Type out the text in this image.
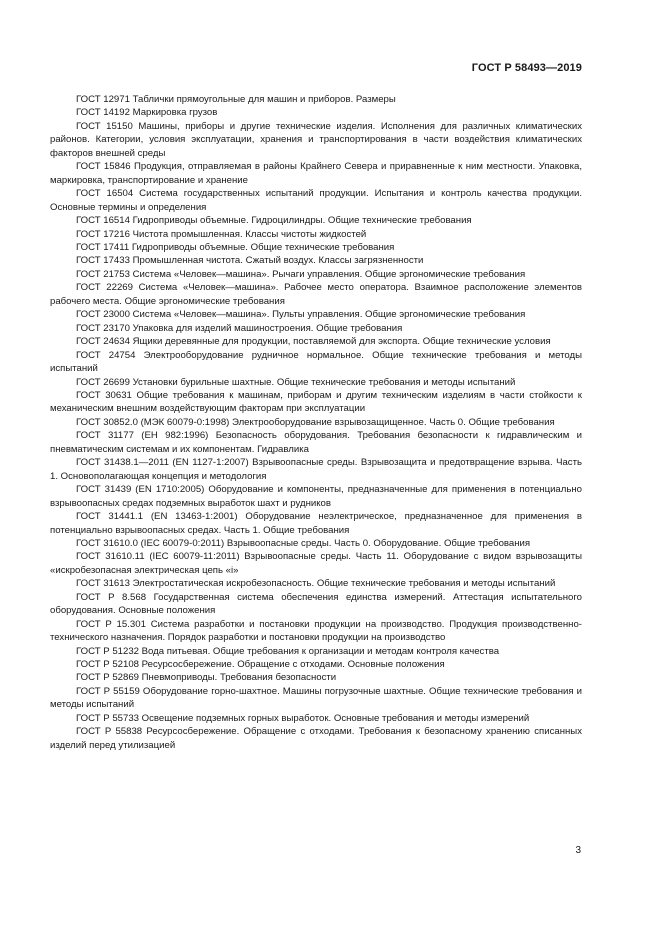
ГОСТ Р 58493—2019

ГОСТ 12971 Таблички прямоугольные для машин и приборов. Размеры

ГОСТ 14192 Маркировка грузов

ГОСТ 15150 Машины, приборы и другие технические изделия. Исполнения для различных климатических районов. Категории, условия эксплуатации, хранения и транспортирования в части воздействия климатических факторов внешней среды

ГОСТ 15846 Продукция, отправляемая в районы Крайнего Севера и приравненные к ним местности. Упаковка, маркировка, транспортирование и хранение

ГОСТ 16504 Система государственных испытаний продукции. Испытания и контроль качества продукции. Основные термины и определения

ГОСТ 16514 Гидроприводы объемные. Гидроцилиндры. Общие технические требования

ГОСТ 17216 Чистота промышленная. Классы чистоты жидкостей

ГОСТ 17411 Гидроприводы объемные. Общие технические требования

ГОСТ 17433 Промышленная чистота. Сжатый воздух. Классы загрязненности

ГОСТ 21753 Система «Человек—машина». Рычаги управления. Общие эргономические требования

ГОСТ 22269 Система «Человек—машина». Рабочее место оператора. Взаимное расположение элементов рабочего места. Общие эргономические требования

ГОСТ 23000 Система «Человек—машина». Пульты управления. Общие эргономические требования

ГОСТ 23170 Упаковка для изделий машиностроения. Общие требования

ГОСТ 24634 Ящики деревянные для продукции, поставляемой для экспорта. Общие технические условия

ГОСТ 24754 Электрооборудование рудничное нормальное. Общие технические требования и методы испытаний

ГОСТ 26699 Установки бурильные шахтные. Общие технические требования и методы испытаний

ГОСТ 30631 Общие требования к машинам, приборам и другим техническим изделиям в части стойкости к механическим внешним воздействующим факторам при эксплуатации

ГОСТ 30852.0 (МЭК 60079-0:1998) Электрооборудование взрывозащищенное. Часть 0. Общие требования

ГОСТ 31177 (ЕН 982:1996) Безопасность оборудования. Требования безопасности к гидравлическим и пневматическим системам и их компонентам. Гидравлика

ГОСТ 31438.1—2011 (EN 1127-1:2007) Взрывоопасные среды. Взрывозащита и предотвращение взрыва. Часть 1. Основополагающая концепция и методология

ГОСТ 31439 (EN 1710:2005) Оборудование и компоненты, предназначенные для применения в потенциально взрывоопасных средах подземных выработок шахт и рудников

ГОСТ 31441.1 (EN 13463-1:2001) Оборудование неэлектрическое, предназначенное для применения в потенциально взрывоопасных средах. Часть 1. Общие требования

ГОСТ 31610.0 (IEC 60079-0:2011) Взрывоопасные среды. Часть 0. Оборудование. Общие требования

ГОСТ 31610.11 (IEC 60079-11:2011) Взрывоопасные среды. Часть 11. Оборудование с видом взрывозащиты «искробезопасная электрическая цепь «i»

ГОСТ 31613 Электростатическая искробезопасность. Общие технические требования и методы испытаний

ГОСТ Р 8.568 Государственная система обеспечения единства измерений. Аттестация испытательного оборудования. Основные положения

ГОСТ Р 15.301 Система разработки и постановки продукции на производство. Продукция производственно-технического назначения. Порядок разработки и постановки продукции на производство

ГОСТ Р 51232 Вода питьевая. Общие требования к организации и методам контроля качества

ГОСТ Р 52108 Ресурсосбережение. Обращение с отходами. Основные положения

ГОСТ Р 52869 Пневмоприводы. Требования безопасности

ГОСТ Р 55159 Оборудование горно-шахтное. Машины погрузочные шахтные. Общие технические требования и методы испытаний

ГОСТ Р 55733 Освещение подземных горных выработок. Основные требования и методы измерений

ГОСТ Р 55838 Ресурсосбережение. Обращение с отходами. Требования к безопасному хранению списанных изделий перед утилизацией

3
